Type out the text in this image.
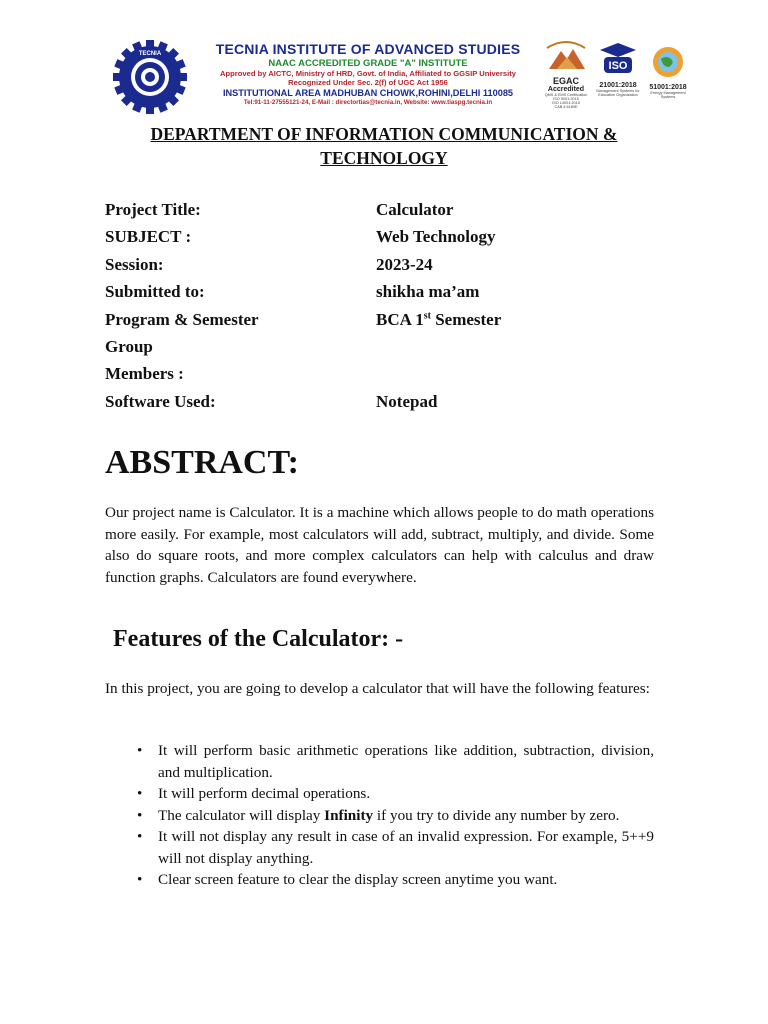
TECNIA	TECNIA INSTITUTE OF ADVANCED STUDIES
NAAC ACCREDITED GRADE "A" INSTITUTE
Approved by AICTC, Ministry of HRD, Govt. of India, Affiliated to GGSIP University
Recognized Under Sec. 2(f) of UGC Act 1956
INSTITUTIONAL AREA MADHUBAN CHOWK,ROHINI,DELHI 110085
Tel:91-11-27555121-24, E-Mail : directortias@tecnia.in, Website: www.tiaspg.tecnia.in
EGAC
Accredited
QMS & EMS Certification
ISO 9001:2015
ISO 14001:2015
CAB # 6189E
ISO
21001:2018
Management Systems for
Education Organization
51001:2018
Energy Management Systems
DEPARTMENT OF INFORMATION COMMUNICATION &
TECHNOLOGY
Project Title:	Calculator
SUBJECT :	Web Technology
Session:	2023-24
Submitted to:	shikha ma’am
Program & Semester	BCA 1st Semester
Group
Members :
Software Used:	Notepad
ABSTRACT:

Our project name is Calculator. It is a machine which allows people to do math operations more easily. For example, most calculators will add, subtract, multiply, and divide. Some also do square roots, and more complex calculators can help with calculus and draw function graphs. Calculators are found everywhere.

Features of the Calculator: -

In this project, you are going to develop a calculator that will have the following features:

• It will perform basic arithmetic operations like addition, subtraction, division, and multiplication.
• It will perform decimal operations.
• The calculator will display Infinity if you try to divide any number by zero.
• It will not display any result in case of an invalid expression. For example, 5++9 will not display anything.
• Clear screen feature to clear the display screen anytime you want.
